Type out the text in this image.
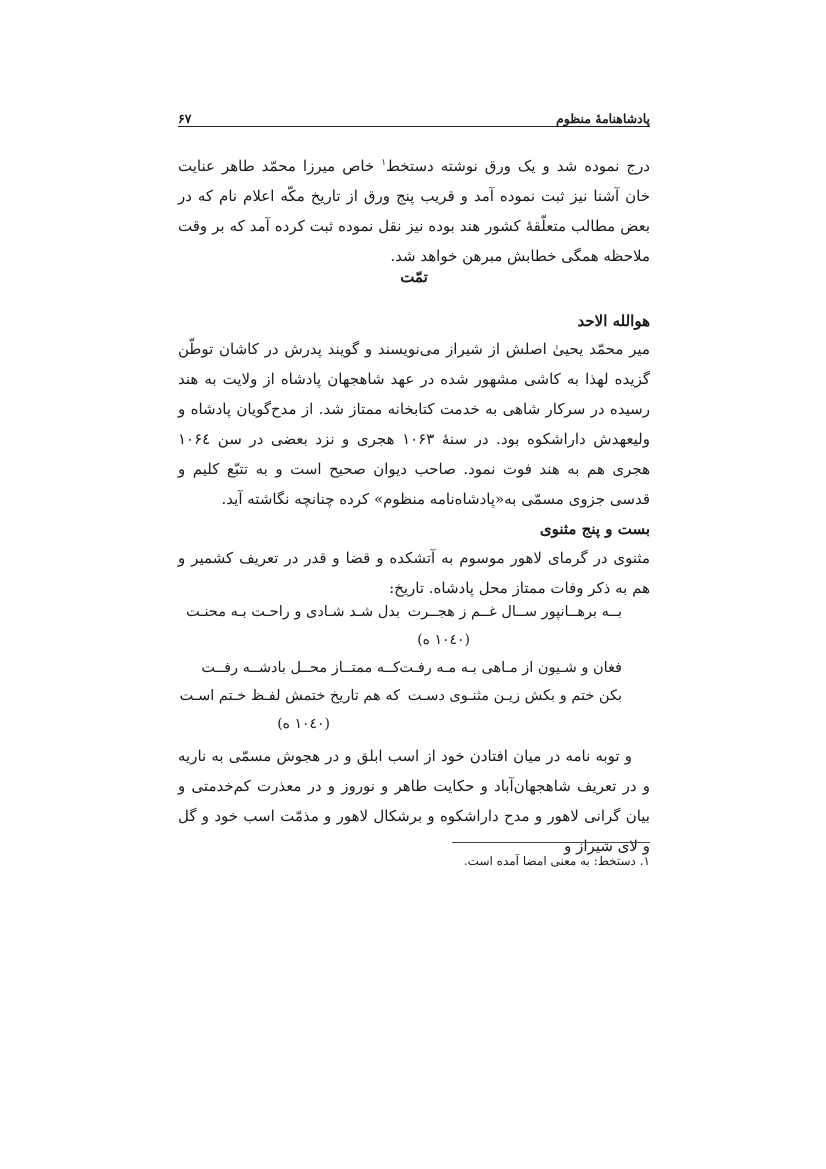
پادشاهنامهٔ منظوم
۶۷

درج نموده شد و یک ورق نوشته دستخط$^۱$ خاص میرزا محمّد طاهر عنایت خان آشنا نیز ثبت نموده آمد و قریب پنج ورق از تاریخ مکّه اعلام نام که در بعض مطالب متعلّقهٔ کشور هند بوده نیز نقل نموده ثبت کرده آمد که بر وقت ملاحظه همگی خطابش مبرهن خواهد شد.

تمّت
هوالله الاحد

میر محمّد یحییٰ اصلش از شیراز می‌نویسند و گویند پدرش در کاشان توطّن گزیده لهذا به کاشی مشهور شده در عهد شاهجهان پادشاه از ولایت به هند رسیده در سرکار شاهی به خدمت کتابخانه ممتاز شد. از مدح‌گویان پادشاه و ولیعهدش داراشکوه بود. در سنهٔ ۱۰۶۳ هجری و نزد بعضی در سن ۱۰۶٤ هجری هم به هند فوت نمود. صاحب دیوان صحیح است و به تتبّع کلیم و قدسی جزوی مسمّی به«پادشاه‌نامه منظوم» کرده چنانچه نگاشته آید.

بست و پنج مثنوی

مثنوی در گرمای لاهور موسوم به آتشکده و قضا و قدر در تعریف کشمیر و هم به ذکر وفات ممتاز محل پادشاه. تاریخ:

بــه برهــانپور ســال غــم ز هجــرت
بدل شـد شـادی و راحـت بـه محنـت
(۱۰٤۰ ه)
فغان و شـیون از مـاهی بـه مـه رفـت
کــه ممتــاز محــل بادشــه رفــت
بکن ختم و بکش زیـن مثنـوی دسـت
که هم تاریخ ختمش لفـظ خـتم اسـت
(۱۰٤۰ ه)

و توبه نامه در میان افتادن خود از اسب ابلق و در هجوش مسمّی به ناریه و در تعریف شاهجهان‌آباد و حکایت طاهر و نوروز و در معذرت کم‌خدمتی و بیان گرانی لاهور و مدح داراشکوه و برشکال لاهور و مذمّت اسب خود و گل و لای شیراز و

۱. دستخط: به معنی امضا آمده است.
